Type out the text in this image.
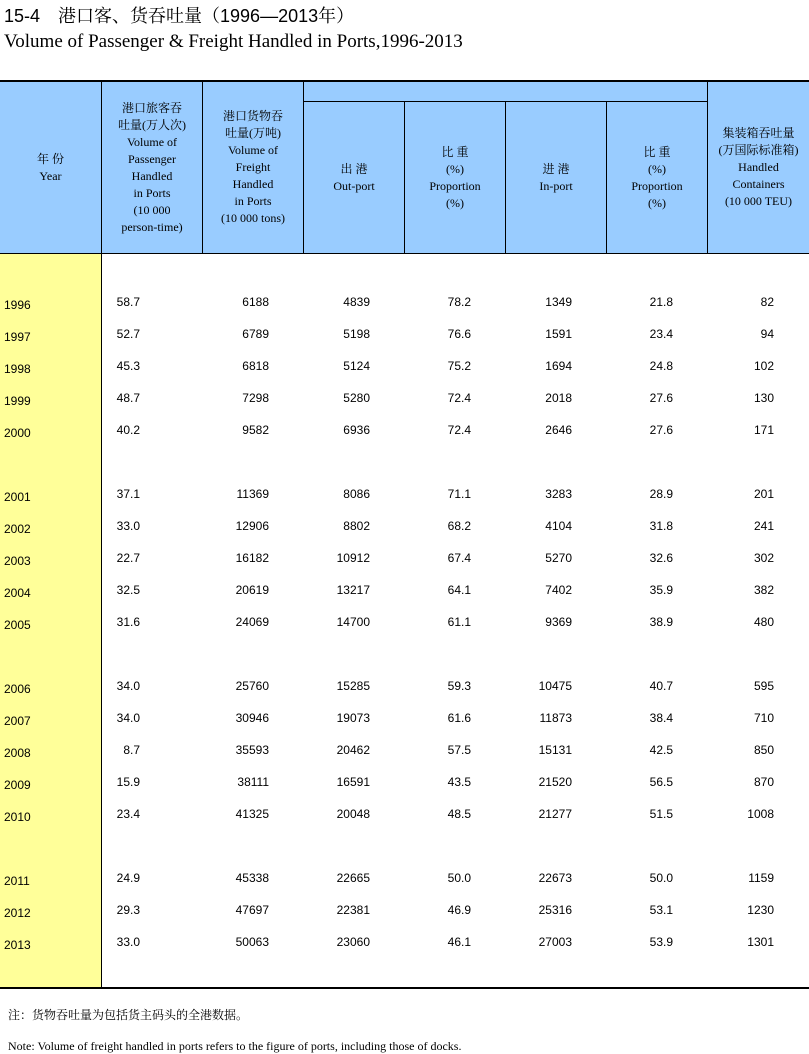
15-4　港口客、货吞吐量（1996—2013年）
Volume of Passenger & Freight Handled in Ports,1996-2013
年 份
Year
港口旅客吞
吐量(万人次)
Volume of
Passenger
Handled
in Ports
(10 000
person-time)
港口货物吞
吐量(万吨)
Volume of
Freight
Handled
in Ports
(10 000 tons)
出 港
Out-port
比 重
(%)
Proportion
(%)
进 港
In-port
比 重
(%)
Proportion
(%)
集装箱吞吐量
(万国际标准箱)
Handled
Containers
(10 000 TEU)
1996	58.7	6188	4839	78.2	1349	21.8	82
1997	52.7	6789	5198	76.6	1591	23.4	94
1998	45.3	6818	5124	75.2	1694	24.8	102
1999	48.7	7298	5280	72.4	2018	27.6	130
2000	40.2	9582	6936	72.4	2646	27.6	171
2001	37.1	11369	8086	71.1	3283	28.9	201
2002	33.0	12906	8802	68.2	4104	31.8	241
2003	22.7	16182	10912	67.4	5270	32.6	302
2004	32.5	20619	13217	64.1	7402	35.9	382
2005	31.6	24069	14700	61.1	9369	38.9	480
2006	34.0	25760	15285	59.3	10475	40.7	595
2007	34.0	30946	19073	61.6	11873	38.4	710
2008	8.7	35593	20462	57.5	15131	42.5	850
2009	15.9	38111	16591	43.5	21520	56.5	870
2010	23.4	41325	20048	48.5	21277	51.5	1008
2011	24.9	45338	22665	50.0	22673	50.0	1159
2012	29.3	47697	22381	46.9	25316	53.1	1230
2013	33.0	50063	23060	46.1	27003	53.9	1301
注：货物吞吐量为包括货主码头的全港数据。
Note: Volume of freight handled in ports refers to the figure of ports, including those of docks.
